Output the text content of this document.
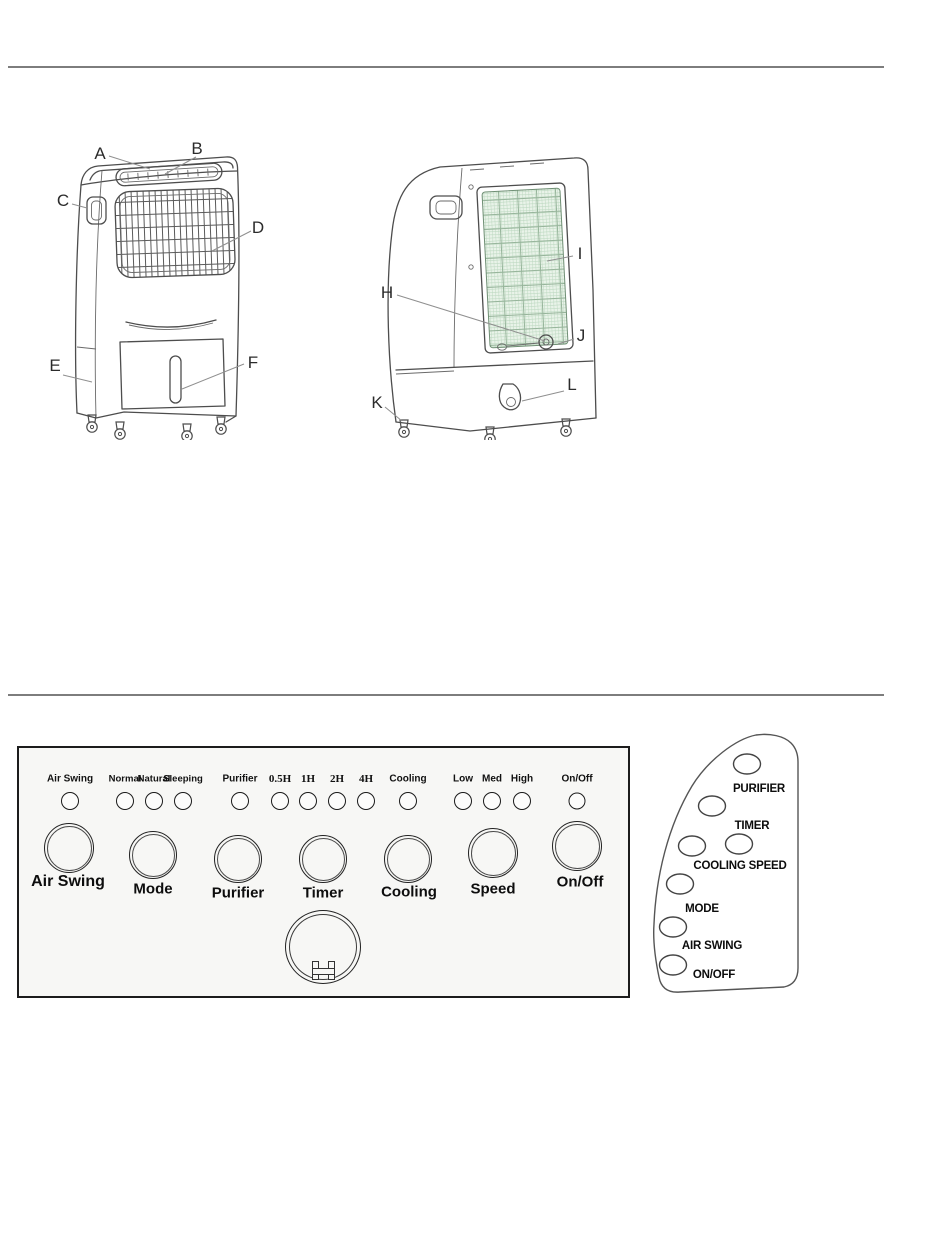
A	B
C
D
E	F
H
I
J
K
L
Air Swing Normal
Natural
Sleeping Purifier 0.5H 1H 2H 4H Cooling	Low Med High	On/Off
Air Swing Mode	Purifier	Timer	Cooling Speed	On/Off
PURIFIER
TIMER
COOLING SPEED
MODE
AIR SWING
ON/OFF
